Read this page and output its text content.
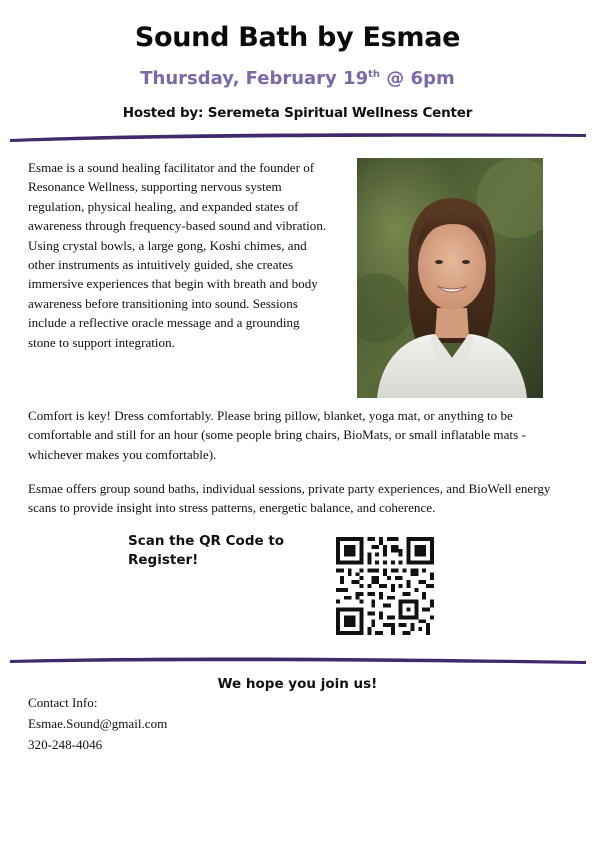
Sound Bath by Esmae

Thursday, February 19th @ 6pm

Hosted by: Seremeta Spiritual Wellness Center

Esmae is a sound healing facilitator and the founder of Resonance Wellness, supporting nervous system regulation, physical healing, and expanded states of awareness through frequency-based sound and vibration. Using crystal bowls, a large gong, Koshi chimes, and other instruments as intuitively guided, she creates immersive experiences that begin with breath and body awareness before transitioning into sound. Sessions include a reflective oracle message and a grounding stone to support integration.

Comfort is key! Dress comfortably. Please bring pillow, blanket, yoga mat, or anything to be comfortable and still for an hour (some people bring chairs, BioMats, or small inflatable mats - whichever makes you comfortable).

Esmae offers group sound baths, individual sessions, private party experiences, and BioWell energy scans to provide insight into stress patterns, energetic balance, and coherence.

Scan the QR Code to
Register!

We hope you join us!

Contact Info:
Esmae.Sound@gmail.com
320-248-4046
